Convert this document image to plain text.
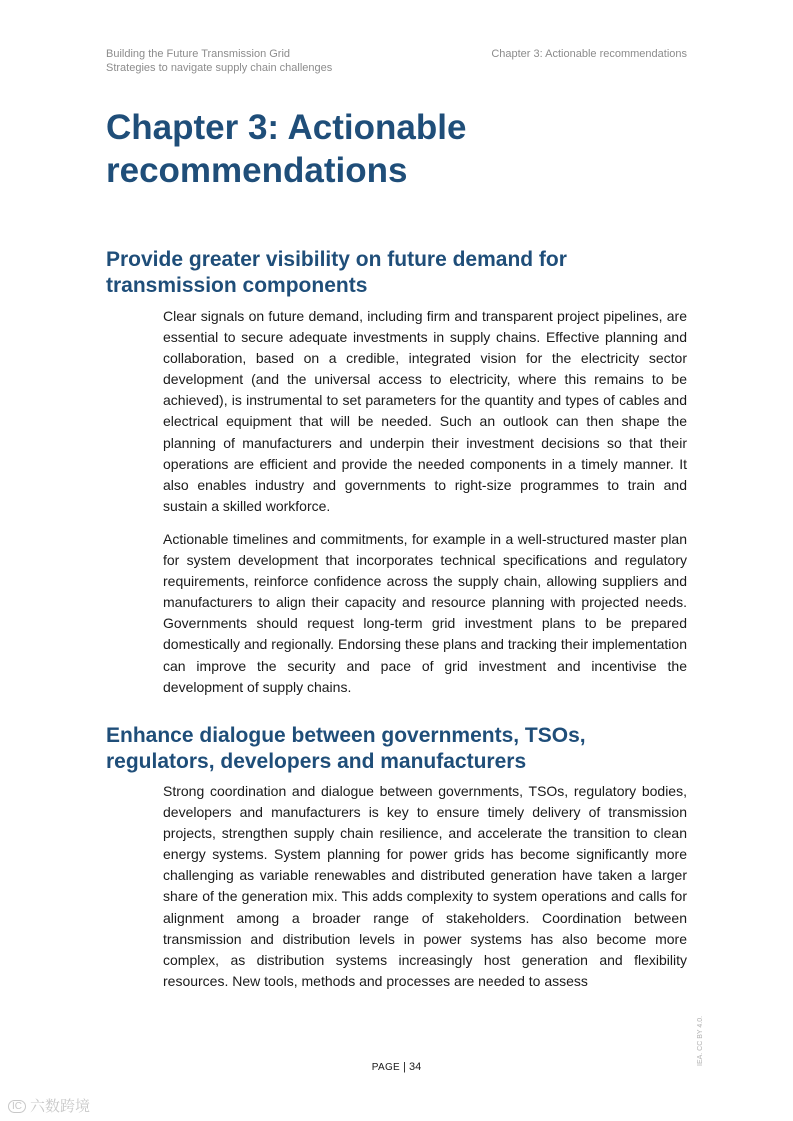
Building the Future Transmission Grid
Strategies to navigate supply chain challenges
Chapter 3: Actionable recommendations
Chapter 3: Actionable recommendations
Provide greater visibility on future demand for transmission components

Clear signals on future demand, including firm and transparent project pipelines, are essential to secure adequate investments in supply chains. Effective planning and collaboration, based on a credible, integrated vision for the electricity sector development (and the universal access to electricity, where this remains to be achieved), is instrumental to set parameters for the quantity and types of cables and electrical equipment that will be needed. Such an outlook can then shape the planning of manufacturers and underpin their investment decisions so that their operations are efficient and provide the needed components in a timely manner. It also enables industry and governments to right-size programmes to train and sustain a skilled workforce.

Actionable timelines and commitments, for example in a well-structured master plan for system development that incorporates technical specifications and regulatory requirements, reinforce confidence across the supply chain, allowing suppliers and manufacturers to align their capacity and resource planning with projected needs. Governments should request long-term grid investment plans to be prepared domestically and regionally. Endorsing these plans and tracking their implementation can improve the security and pace of grid investment and incentivise the development of supply chains.

Enhance dialogue between governments, TSOs, regulators, developers and manufacturers

Strong coordination and dialogue between governments, TSOs, regulatory bodies, developers and manufacturers is key to ensure timely delivery of transmission projects, strengthen supply chain resilience, and accelerate the transition to clean energy systems. System planning for power grids has become significantly more challenging as variable renewables and distributed generation have taken a larger share of the generation mix. This adds complexity to system operations and calls for alignment among a broader range of stakeholders. Coordination between transmission and distribution levels in power systems has also become more complex, as distribution systems increasingly host generation and flexibility resources. New tools, methods and processes are needed to assess

PAGE | 34
IEA. CC BY 4.0.
IC 六数跨境
